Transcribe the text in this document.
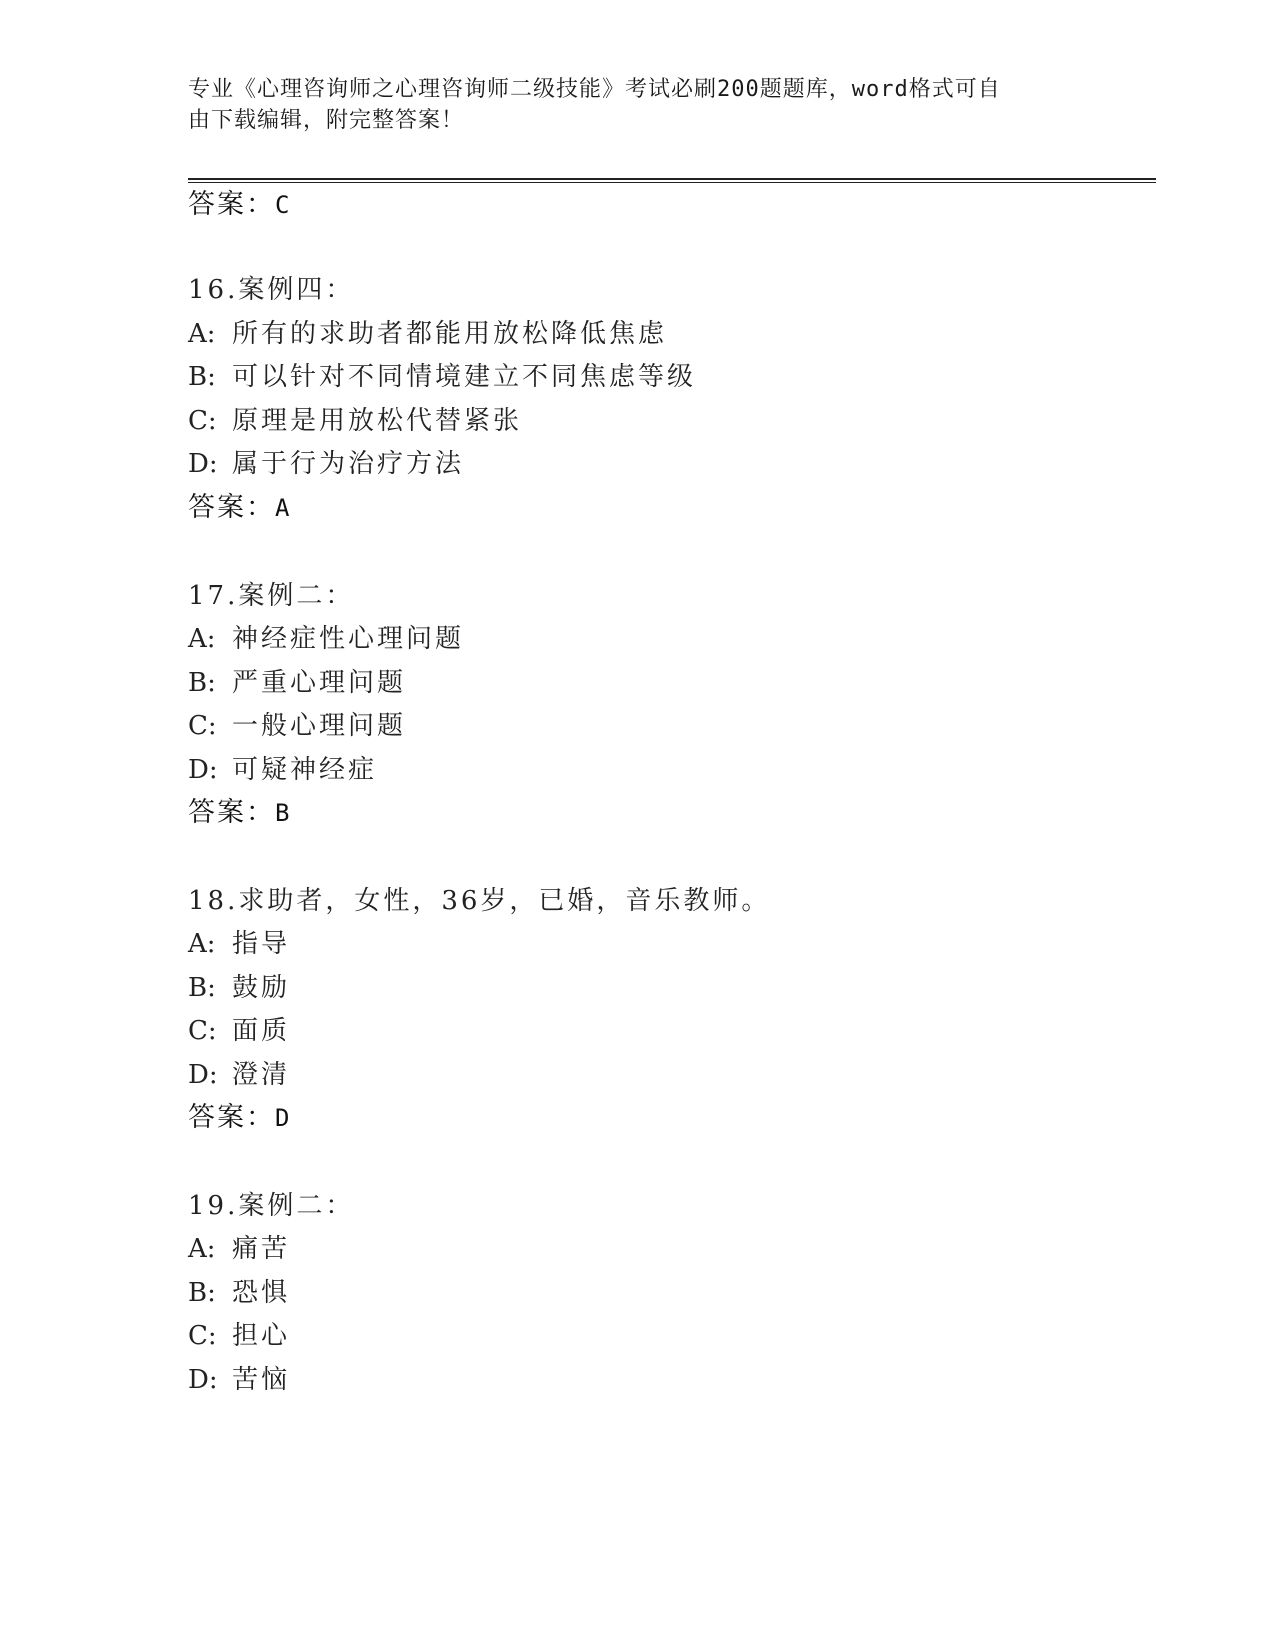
专业《心理咨询师之心理咨询师二级技能》考试必刷200题题库，word格式可自
由下载编辑，附完整答案！
答案：C
16.案例四：
A: 所有的求助者都能用放松降低焦虑
B: 可以针对不同情境建立不同焦虑等级
C: 原理是用放松代替紧张
D: 属于行为治疗方法
答案：A
17.案例二：
A: 神经症性心理问题
B: 严重心理问题
C: 一般心理问题
D: 可疑神经症
答案：B
18.求助者，女性，36岁，已婚，音乐教师。
A: 指导
B: 鼓励
C: 面质
D: 澄清
答案：D
19.案例二：
A: 痛苦
B: 恐惧
C: 担心
D: 苦恼
